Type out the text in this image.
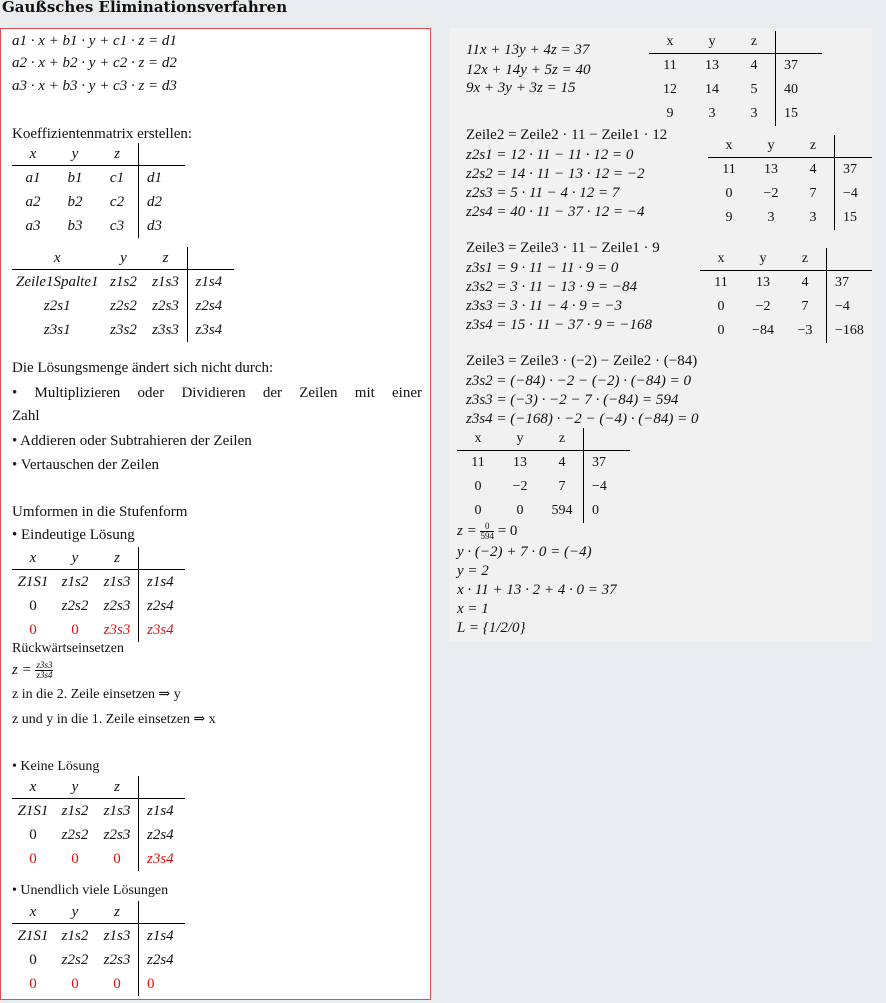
Gaußsches Eliminationsverfahren
a1 · x + b1 · y + c1 · z = d1
a2 · x + b2 · y + c2 · z = d2
a3 · x + b3 · y + c3 · z = d3
Koeffizientenmatrix erstellen:
x	y	z	
a1	b1	c1	d1
a2	b2	c2	d2
a3	b3	c3	d3
x	y	z	
Zeile1Spalte1	z1s2	z1s3	z1s4
z2s1	z2s2	z2s3	z2s4
z3s1	z3s2	z3s3	z3s4
Die Lösungsmenge ändert sich nicht durch:
• Multiplizieren oder Dividieren der Zeilen mit einer
Zahl
• Addieren oder Subtrahieren der Zeilen
• Vertauschen der Zeilen
Umformen in die Stufenform
• Eindeutige Lösung
x	y	z	
Z1S1	z1s2	z1s3	z1s4
0	z2s2	z2s3	z2s4
0	0	z3s3	z3s4
Rückwärtseinsetzen
$z = \frac{z3s3}{z3s4}$
z in die 2. Zeile einsetzen ⇒ y
z und y in die 1. Zeile einsetzen ⇒ x
• Keine Lösung
x	y	z	
Z1S1	z1s2	z1s3	z1s4
0	z2s2	z2s3	z2s4
0	0	0	z3s4
• Unendlich viele Lösungen
x	y	z	
Z1S1	z1s2	z1s3	z1s4
0	z2s2	z2s3	z2s4
0	0	0	0
11x + 13y + 4z = 37
12x + 14y + 5z = 40
9x + 3y + 3z = 15
x	y	z	
11	13	4	37
12	14	5	40
9	3	3	15
Zeile2 = Zeile2 · 11 − Zeile1 · 12
z2s1 = 12 · 11 − 11 · 12 = 0
z2s2 = 14 · 11 − 13 · 12 = −2
z2s3 = 5 · 11 − 4 · 12 = 7
z2s4 = 40 · 11 − 37 · 12 = −4
x	y	z	
11	13	4	37
0	−2	7	−4
9	3	3	15
Zeile3 = Zeile3 · 11 − Zeile1 · 9
z3s1 = 9 · 11 − 11 · 9 = 0
z3s2 = 3 · 11 − 13 · 9 = −84
z3s3 = 3 · 11 − 4 · 9 = −3
z3s4 = 15 · 11 − 37 · 9 = −168
x	y	z	
11	13	4	37
0	−2	7	−4
0	−84	−3	−168
Zeile3 = Zeile3 · (−2) − Zeile2 · (−84)
z3s2 = (−84) · −2 − (−2) · (−84) = 0
z3s3 = (−3) · −2 − 7 · (−84) = 594
z3s4 = (−168) · −2 − (−4) · (−84) = 0
x	y	z	
11	13	4	37
0	−2	7	−4
0	0	594	0
$z = \frac{0}{594} = 0$
y · (−2) + 7 · 0 = (−4)
y = 2
x · 11 + 13 · 2 + 4 · 0 = 37
x = 1
L = {1/2/0}
